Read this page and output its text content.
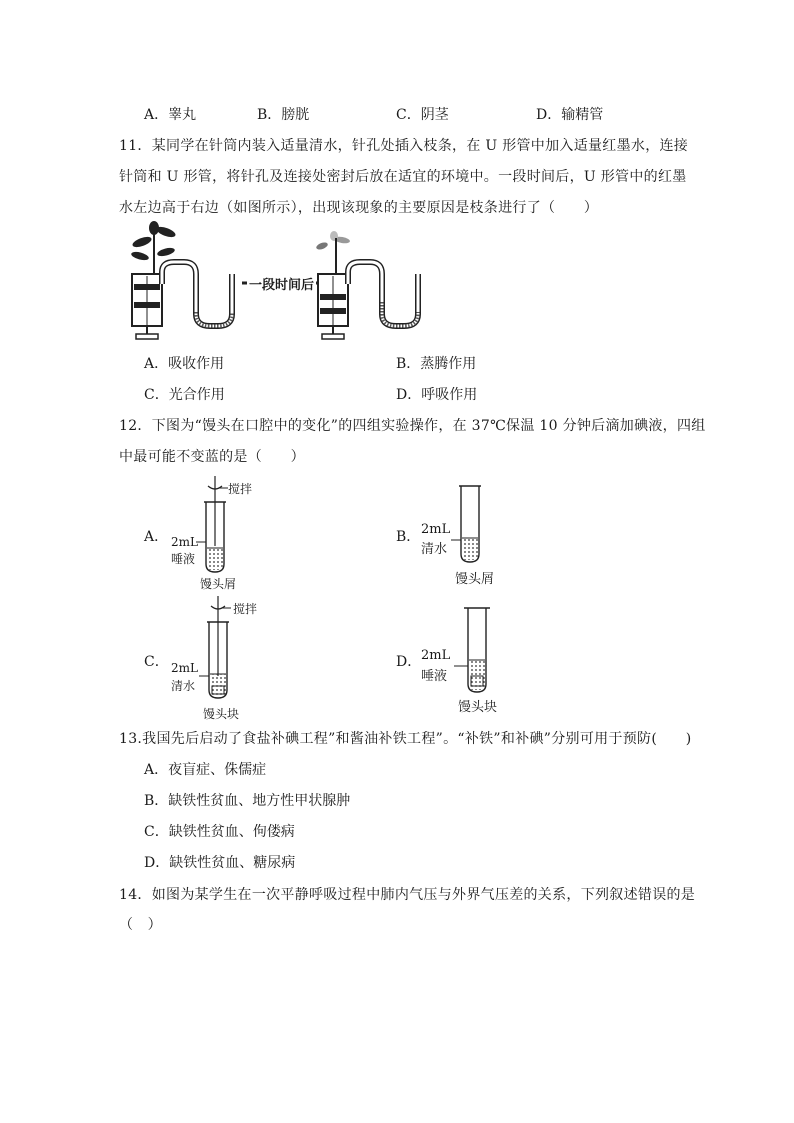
A．睾丸	B．膀胱	C．阴茎	D．输精管
11．某同学在针筒内装入适量清水，针孔处插入枝条，在 U 形管中加入适量红墨水，连接
针筒和 U 形管，将针孔及连接处密封后放在适宜的环境中。一段时间后，U 形管中的红墨
水左边高于右边（如图所示），出现该现象的主要原因是枝条进行了（　　）
一段时间后
A．吸收作用	B．蒸腾作用
C．光合作用	D．呼吸作用
12．下图为“馒头在口腔中的变化”的四组实验操作，在 37℃保温 10 分钟后滴加碘液，四组
中最可能不变蓝的是（　　）
A．
搅拌
2mL
唾液
馒头屑
B． 2mL
清水
馒头屑
C．
搅拌
2mL
清水
馒头块
D． 2mL
唾液
馒头块
13.我国先后启动了食盐补碘工程”和酱油补铁工程”。“补铁”和补碘”分别可用于预防(　　)
A．夜盲症、侏儒症
B．缺铁性贫血、地方性甲状腺肿
C．缺铁性贫血、佝偻病
D．缺铁性贫血、糖尿病
14．如图为某学生在一次平静呼吸过程中肺内气压与外界气压差的关系，下列叙述错误的是
（　）
